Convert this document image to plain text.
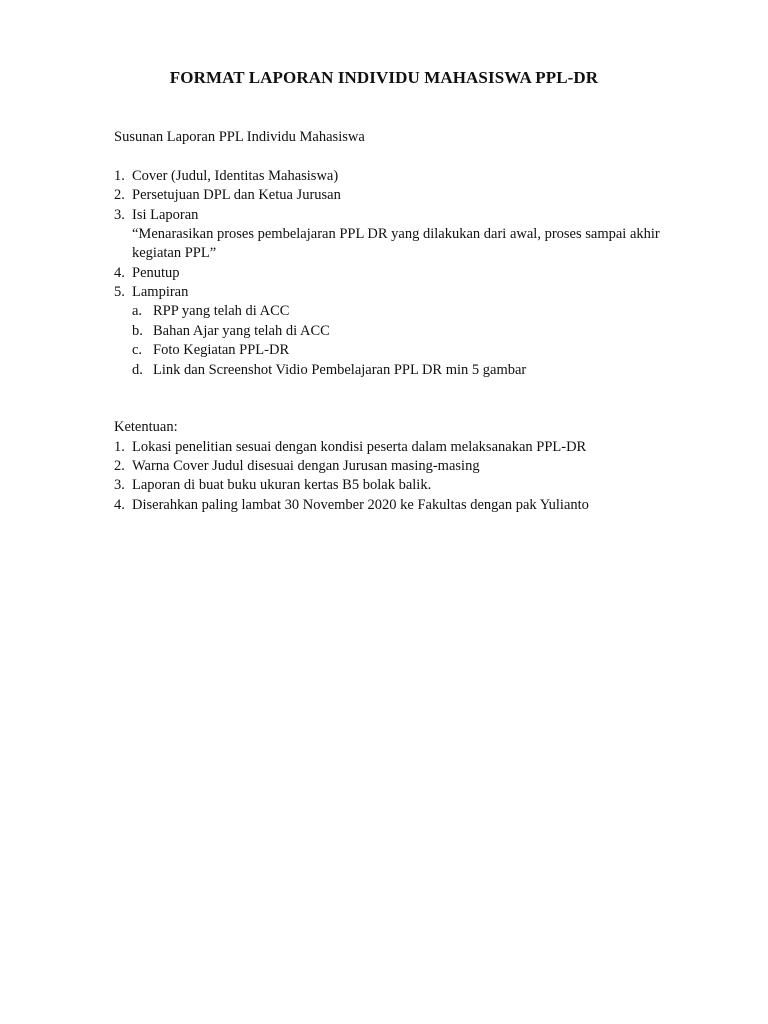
FORMAT LAPORAN INDIVIDU MAHASISWA PPL-DR
Susunan Laporan PPL Individu Mahasiswa
1. Cover (Judul, Identitas Mahasiswa)
2. Persetujuan DPL dan Ketua Jurusan
3. Isi Laporan
“Menarasikan proses pembelajaran PPL DR yang dilakukan dari awal, proses sampai akhir
kegiatan PPL”
4. Penutup
5. Lampiran
a. RPP yang telah di ACC
b. Bahan Ajar yang telah di ACC
c. Foto Kegiatan PPL-DR
d. Link dan Screenshot Vidio Pembelajaran PPL DR min 5 gambar
Ketentuan:
1. Lokasi penelitian sesuai dengan kondisi peserta dalam melaksanakan PPL-DR
2. Warna Cover Judul disesuai dengan Jurusan masing-masing
3. Laporan di buat buku ukuran kertas B5 bolak balik.
4. Diserahkan paling lambat 30 November 2020 ke Fakultas dengan pak Yulianto
